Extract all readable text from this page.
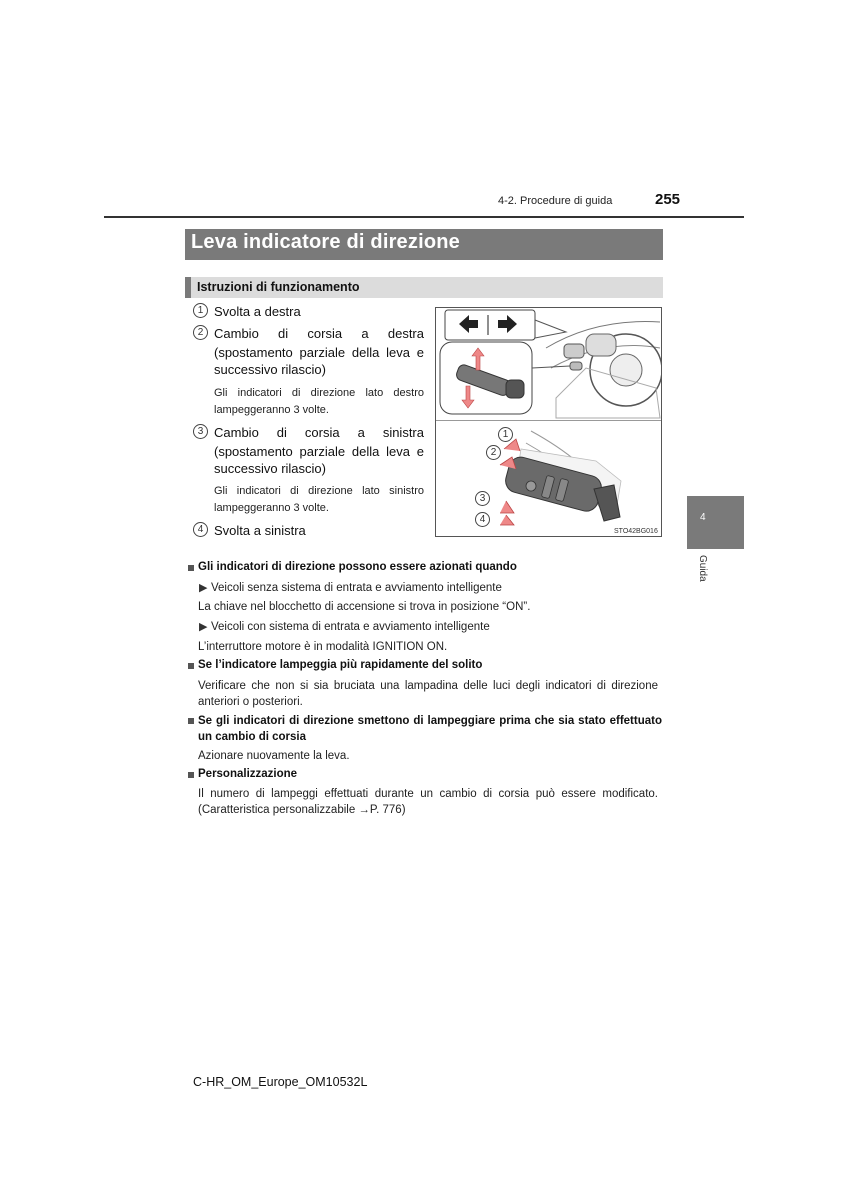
4-2. Procedure di guida	255
Leva indicatore di direzione
Istruzioni di funzionamento
1 Svolta a destra
2 Cambio di corsia a destra
(spostamento parziale della leva e
successivo rilascio)
Gli indicatori di direzione lato destro lampeggeranno 3 volte.
3 Cambio di corsia a sinistra
(spostamento parziale della leva e
successivo rilascio)
Gli indicatori di direzione lato sinistro lampeggeranno 3 volte.
4 Svolta a sinistra
1
2
3
4
STO42BG016
4
Guida
Gli indicatori di direzione possono essere azionati quando
▶ Veicoli senza sistema di entrata e avviamento intelligente
La chiave nel blocchetto di accensione si trova in posizione “ON”.
▶ Veicoli con sistema di entrata e avviamento intelligente
L’interruttore motore è in modalità IGNITION ON.
Se l’indicatore lampeggia più rapidamente del solito
Verificare che non si sia bruciata una lampadina delle luci degli indicatori di direzione anteriori o posteriori.
Se gli indicatori di direzione smettono di lampeggiare prima che sia stato effettuato un cambio di corsia
Azionare nuovamente la leva.
Personalizzazione
Il numero di lampeggi effettuati durante un cambio di corsia può essere modificato. (Caratteristica personalizzabile →P. 776)
C-HR_OM_Europe_OM10532L
